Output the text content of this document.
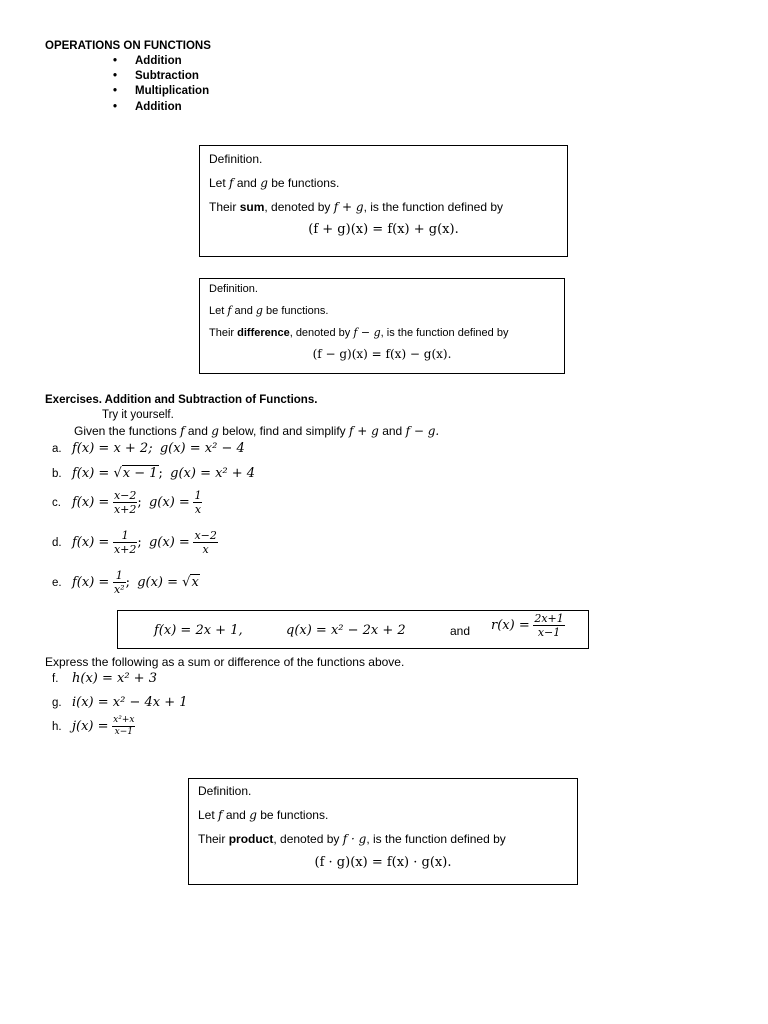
OPERATIONS ON FUNCTIONS
• Addition
• Subtraction
• Multiplication
• Addition
Definition.
Let f and g be functions.
Their sum, denoted by f + g, is the function defined by
(f + g)(x) = f(x) + g(x).
Definition.
Let f and g be functions.
Their difference, denoted by f − g, is the function defined by
(f − g)(x) = f(x) − g(x).
Exercises. Addition and Subtraction of Functions.
Try it yourself.
Given the functions f and g below, find and simplify f + g and f − g.
a. f(x) = x + 2; g(x) = x² − 4
b. f(x) = √x − 1; g(x) = x² + 4
c. $f(x) = \frac{x-2}{x+2}$ ; $g(x) = \frac{1}{x}$
d. $f(x) = \frac{1}{x+2}$ ; $g(x) = \frac{x-2}{x}$
e. $f(x) = \frac{1}{\text{x²}}$ ; g(x) = √x
f(x) = 2x + 1,	q(x) = x² − 2x + 2	and $r(x) = \frac{2x+1}{x-1}$
Express the following as a sum or difference of the functions above.
f. h(x) = x² + 3
g. i(x) = x² − 4x + 1
h. $j(x) = \frac{\text{x²+x}}{x-1}$
Definition.
Let f and g be functions.
Their product, denoted by f · g, is the function defined by
(f · g)(x) = f(x) · g(x).
